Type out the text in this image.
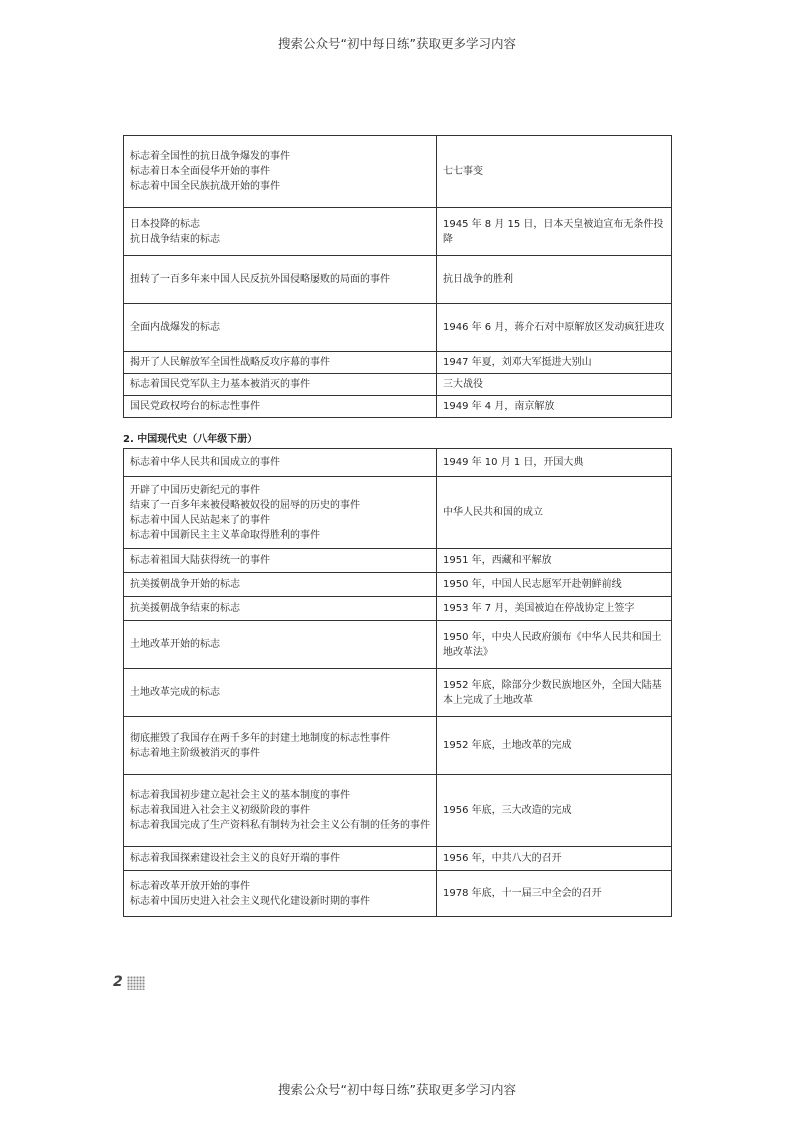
搜索公众号“初中每日练”获取更多学习内容
标志着全国性的抗日战争爆发的事件
标志着日本全面侵华开始的事件
标志着中国全民族抗战开始的事件	七七事变

日本投降的标志
抗日战争结束的标志	1945 年 8 月 15 日，日本天皇被迫宣布无条件投降
扭转了一百多年来中国人民反抗外国侵略屡败的局面的事件	抗日战争的胜利

全面内战爆发的标志	1946 年 6 月，蒋介石对中原解放区发动疯狂进攻

揭开了人民解放军全国性战略反攻序幕的事件	1947 年夏，刘邓大军挺进大别山

标志着国民党军队主力基本被消灭的事件	三大战役

国民党政权垮台的标志性事件	1949 年 4 月，南京解放
2. 中国现代史（八年级下册）
标志着中华人民共和国成立的事件	1949 年 10 月 1 日，开国大典

开辟了中国历史新纪元的事件
结束了一百多年来被侵略被奴役的屈辱的历史的事件
标志着中国人民站起来了的事件
标志着中国新民主主义革命取得胜利的事件	中华人民共和国的成立

标志着祖国大陆获得统一的事件	1951 年，西藏和平解放

抗美援朝战争开始的标志	1950 年，中国人民志愿军开赴朝鲜前线

抗美援朝战争结束的标志	1953 年 7 月，美国被迫在停战协定上签字

土地改革开始的标志	1950 年，中央人民政府颁布《中华人民共和国土地改革法》

土地改革完成的标志	1952 年底，除部分少数民族地区外，全国大陆基本上完成了土地改革

彻底摧毁了我国存在两千多年的封建土地制度的标志性事件
标志着地主阶级被消灭的事件	1952 年底，土地改革的完成

标志着我国初步建立起社会主义的基本制度的事件
标志着我国进入社会主义初级阶段的事件
标志着我国完成了生产资料私有制转为社会主义公有制的任务的事件	1956 年底，三大改造的完成

标志着我国探索建设社会主义的良好开端的事件	1956 年，中共八大的召开

标志着改革开放开始的事件
标志着中国历史进入社会主义现代化建设新时期的事件	1978 年底，十一届三中全会的召开
2
搜索公众号“初中每日练”获取更多学习内容
